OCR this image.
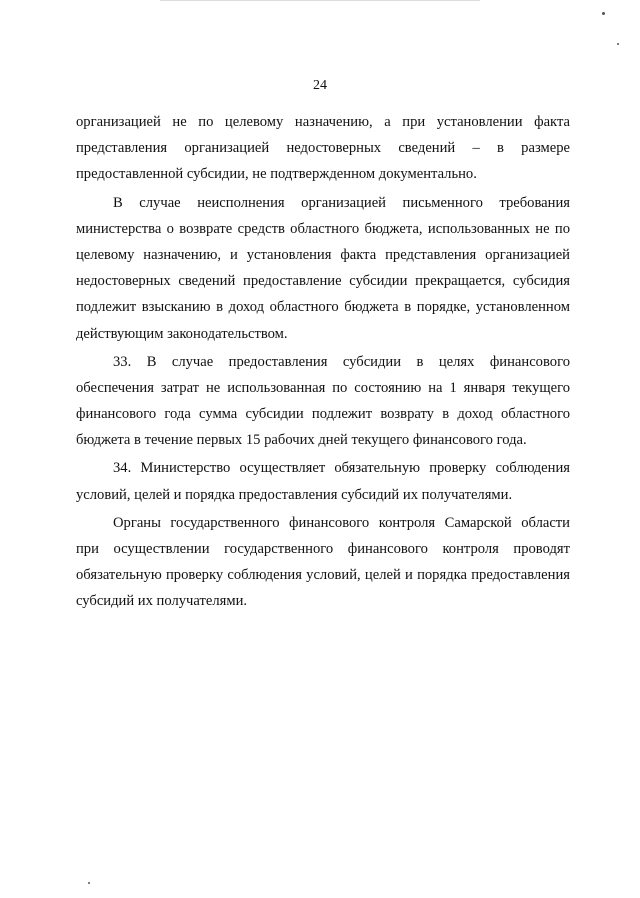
24
организацией не по целевому назначению, а при установлении факта
представления организацией недостоверных сведений – в размере
предоставленной субсидии, не подтвержденном документально.
В случае неисполнения организацией письменного требования
министерства о возврате средств областного бюджета, использованных не по
целевому назначению, и установления факта представления организацией
недостоверных сведений предоставление субсидии прекращается, субсидия
подлежит взысканию в доход областного бюджета в порядке, установленном
действующим законодательством.
33. В случае предоставления субсидии в целях финансового
обеспечения затрат не использованная по состоянию на 1 января текущего
финансового года сумма субсидии подлежит возврату в доход областного
бюджета в течение первых 15 рабочих дней текущего финансового года.
34. Министерство осуществляет обязательную проверку соблюдения
условий, целей и порядка предоставления субсидий их получателями.
Органы государственного финансового контроля Самарской области
при осуществлении государственного финансового контроля проводят
обязательную проверку соблюдения условий, целей и порядка предоставления
субсидий их получателями.
